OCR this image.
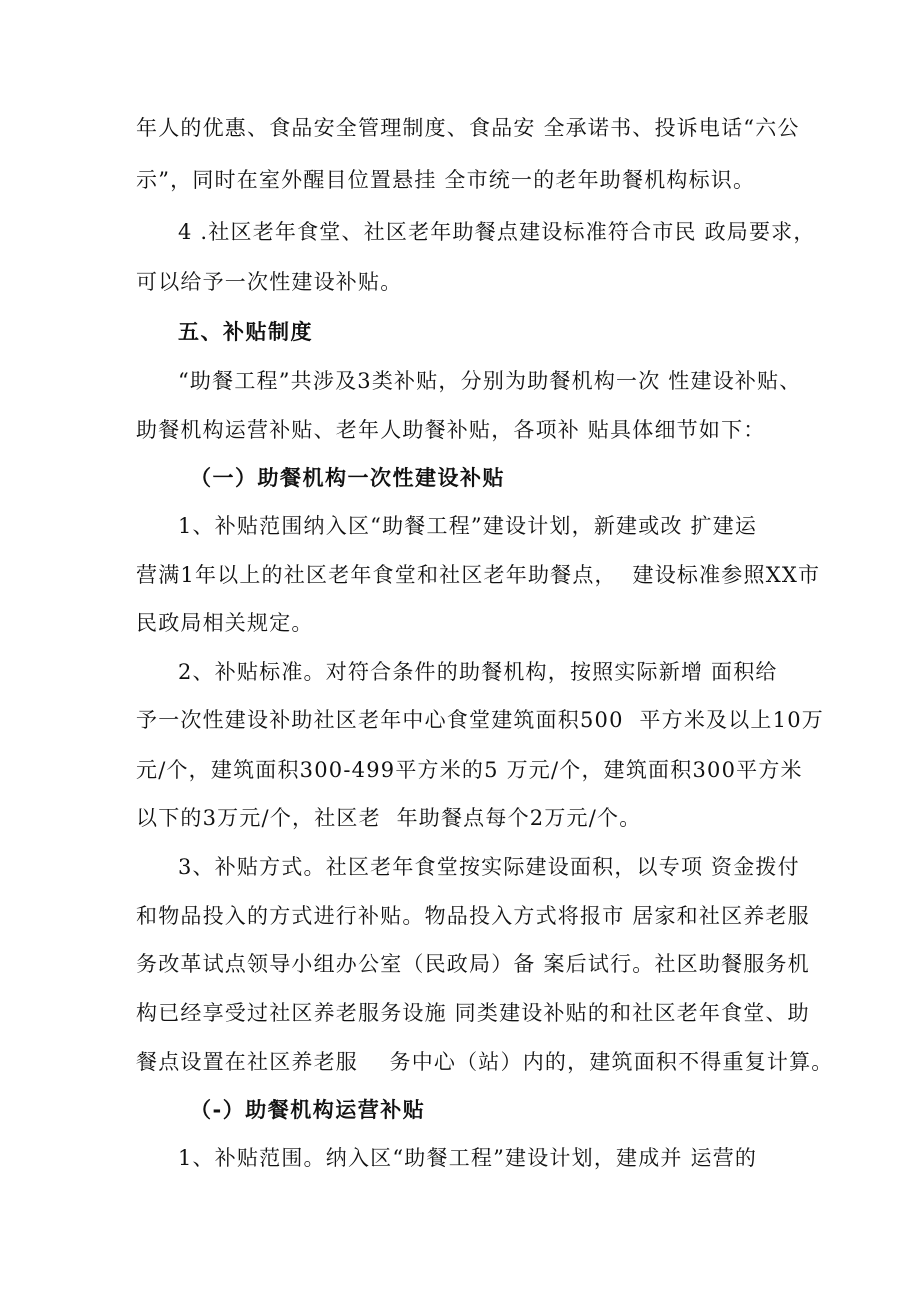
年人的优惠、食品安全管理制度、食品安 全承诺书、投诉电话“六公
示”，同时在室外醒目位置悬挂 全市统一的老年助餐机构标识。
4 .社区老年食堂、社区老年助餐点建设标准符合市民 政局要求，
可以给予一次性建设补贴。
五、补贴制度
“助餐工程”共涉及3类补贴，分别为助餐机构一次 性建设补贴、
助餐机构运营补贴、老年人助餐补贴，各项补 贴具体细节如下：
（一）助餐机构一次性建设补贴
1、补贴范围纳入区“助餐工程”建设计划，新建或改 扩建运
营满1年以上的社区老年食堂和社区老年助餐点，  建设标准参照XX市
民政局相关规定。
2、补贴标准。对符合条件的助餐机构，按照实际新增 面积给
予一次性建设补助社区老年中心食堂建筑面积500  平方米及以上10万
元/个，建筑面积300-499平方米的5 万元/个，建筑面积300平方米
以下的3万元/个，社区老  年助餐点每个2万元/个。
3、补贴方式。社区老年食堂按实际建设面积，以专项 资金拨付
和物品投入的方式进行补贴。物品投入方式将报市 居家和社区养老服
务改革试点领导小组办公室（民政局）备 案后试行。社区助餐服务机
构已经享受过社区养老服务设施 同类建设补贴的和社区老年食堂、助
餐点设置在社区养老服    务中心（站）内的，建筑面积不得重复计算。
（-）助餐机构运营补贴
1、补贴范围。纳入区“助餐工程”建设计划，建成并 运营的
